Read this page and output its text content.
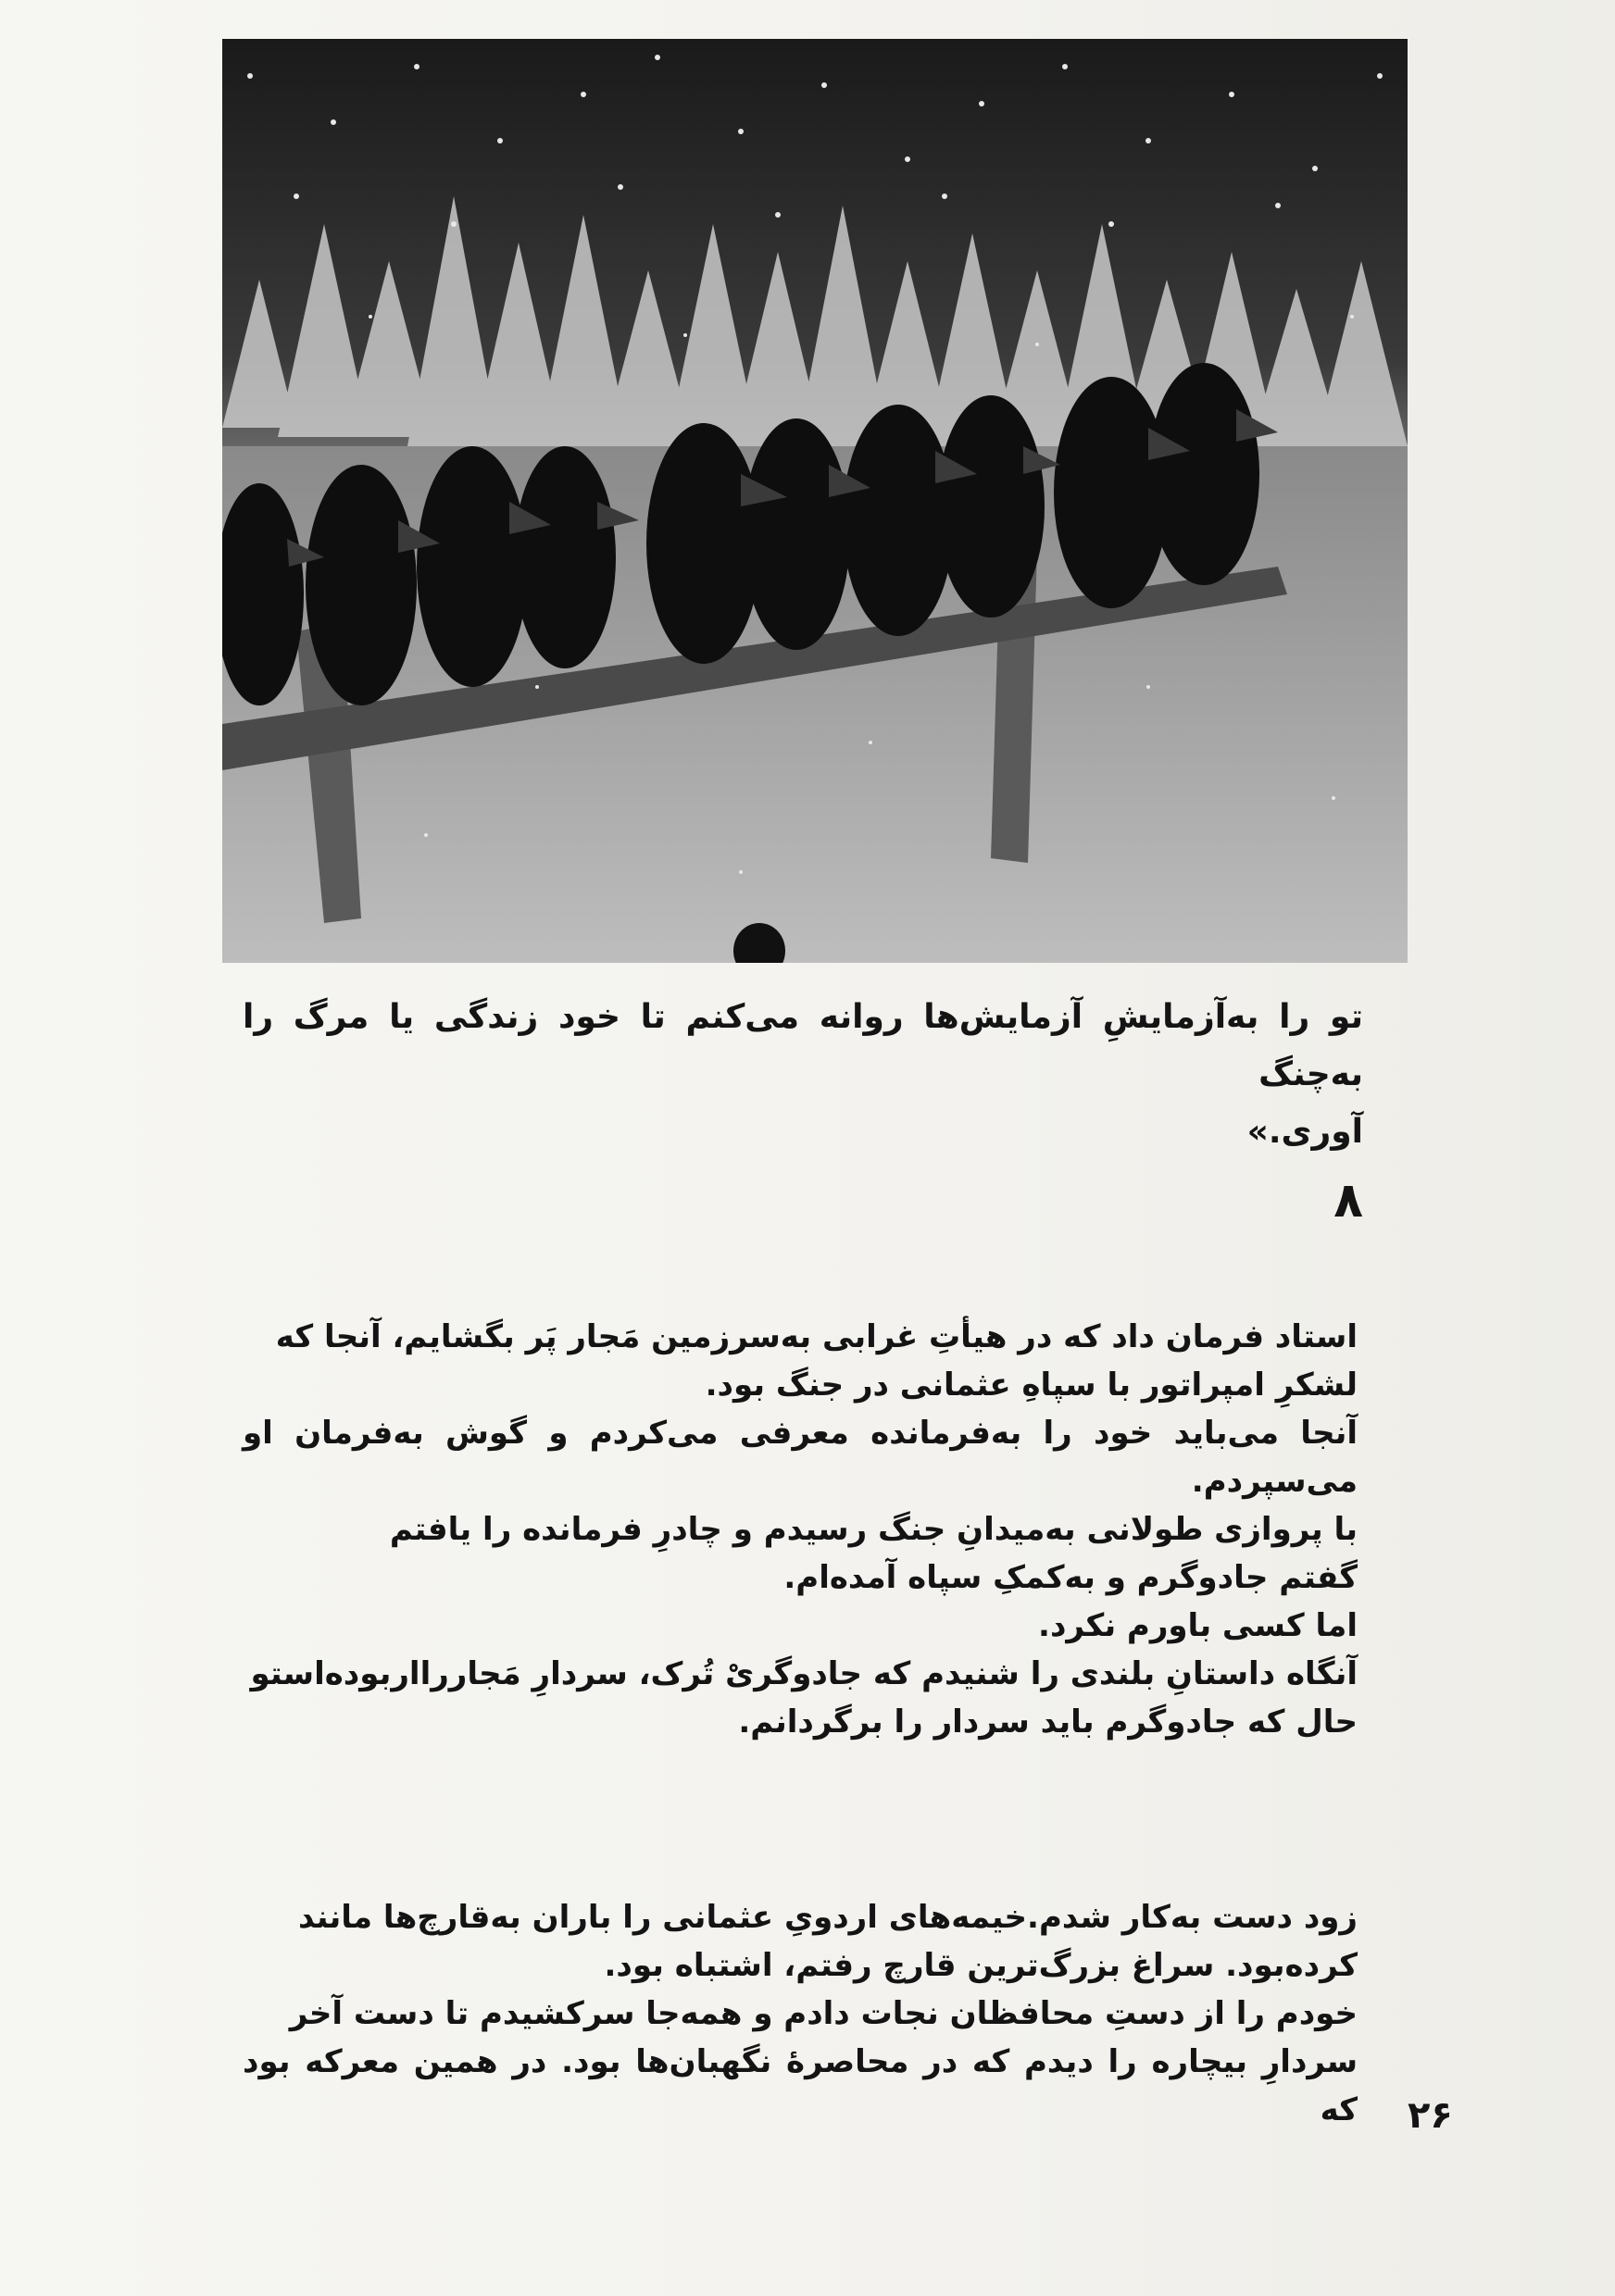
تو را به‌آزمایشِ آزمایش‌ها روانه می‌کنم تا خود زندگی یا مرگ را به‌چنگ

آوری.»

۸

استاد فرمان داد که در هیأتِ غرابی به‌سرزمین مَجار پَر بگشایم، آنجا که

لشکرِ امپراتور با سپاهِ عثمانی در جنگ بود.

آنجا می‌باید خود را به‌فرمانده معرفی می‌کردم و گوش به‌فرمان او می‌سپردم.

با پروازی طولانی به‌میدانِ جنگ رسیدم و چادرِ فرمانده را یافتم

گفتم جادوگرم و به‌کمکِ سپاه آمده‌ام.

اما کسی باورم نکرد.

آنگاه داستانِ بلندی را شنیدم که جادوگریْ تُرک، سردارِ مَجاررااربوده‌استو

حال که جادوگرم باید سردار را برگردانم.

زود دست به‌کار شدم.خیمه‌های اردویِ عثمانی را باران به‌قارچ‌ها مانند

کرده‌بود. سراغ بزرگ‌ترین قارچ رفتم، اشتباه بود.

خودم را از دستِ محافظان نجات دادم و همه‌جا سرکشیدم تا دست آخر

سردارِ بیچاره را دیدم که در محاصرهٔ نگهبان‌ها بود. در همین معرکه بود که ۲۶
